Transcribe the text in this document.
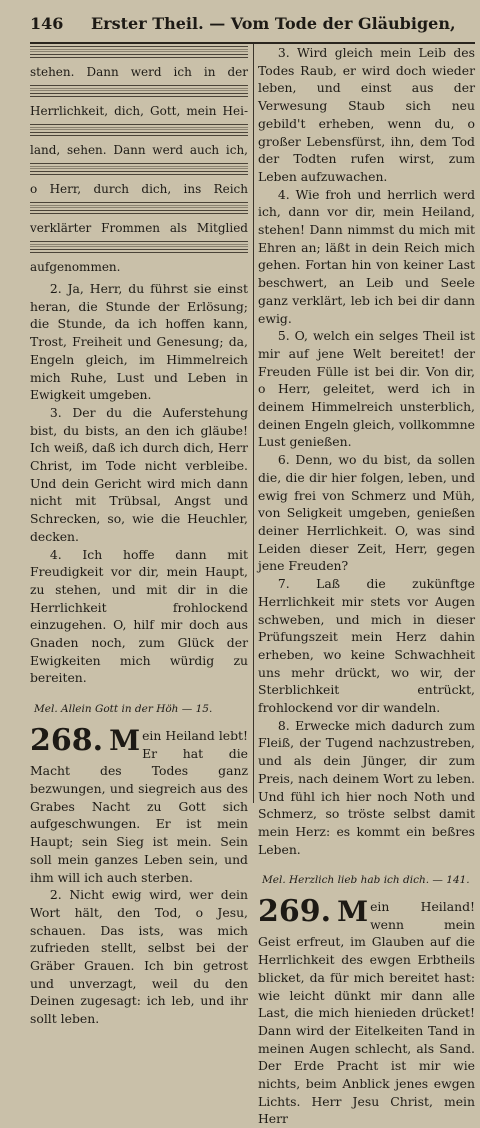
146 Erster Theil. — Vom Tode der Gläubigen,
stehen. Dann werd ich in der
Herrlichkeit, dich, Gott, mein Hei-
land, sehen. Dann werd auch ich,
o Herr, durch dich, ins Reich
verklärter Frommen als Mitglied
aufgenommen.

2. Ja, Herr, du führst sie einst heran, die Stunde der Erlösung; die Stunde, da ich hoffen kann, Trost, Freiheit und Genesung; da, Engeln gleich, im Himmelreich mich Ruhe, Lust und Leben in Ewigkeit umgeben.

3. Der du die Auferstehung bist, du bists, an den ich gläube! Ich weiß, daß ich durch dich, Herr Christ, im Tode nicht verbleibe. Und dein Gericht wird mich dann nicht mit Trübsal, Angst und Schrecken, so, wie die Heuchler, decken.

4. Ich hoffe dann mit Freudigkeit vor dir, mein Haupt, zu stehen, und mit dir in die Herrlichkeit frohlockend einzugehen. O, hilf mir doch aus Gnaden noch, zum Glück der Ewigkeiten mich würdig zu bereiten.

Mel. Allein Gott in der Höh — 15.
268. M ein Heiland lebt! Er hat die Macht des Todes ganz bezwungen, und siegreich aus des Grabes Nacht zu Gott sich aufgeschwungen. Er ist mein Haupt; sein Sieg ist mein. Sein soll mein ganzes Leben sein, und ihm will ich auch sterben.

2. Nicht ewig wird, wer dein Wort hält, den Tod, o Jesu, schauen. Das ists, was mich zufrieden stellt, selbst bei der Gräber Grauen. Ich bin getrost und unverzagt, weil du den Deinen zugesagt: ich leb, und ihr sollt leben.

3. Wird gleich mein Leib des Todes Raub, er wird doch wieder leben, und einst aus der Verwesung Staub sich neu gebild't erheben, wenn du, o großer Lebensfürst, ihn, dem Tod der Todten rufen wirst, zum Leben aufzuwachen.

4. Wie froh und herrlich werd ich, dann vor dir, mein Heiland, stehen! Dann nimmst du mich mit Ehren an; läßt in dein Reich mich gehen. Fortan hin von keiner Last beschwert, an Leib und Seele ganz verklärt, leb ich bei dir dann ewig.

5. O, welch ein selges Theil ist mir auf jene Welt bereitet! der Freuden Fülle ist bei dir. Von dir, o Herr, geleitet, werd ich in deinem Himmelreich unsterblich, deinen Engeln gleich, vollkommne Lust genießen.

6. Denn, wo du bist, da sollen die, die dir hier folgen, leben, und ewig frei von Schmerz und Müh, von Seligkeit umgeben, genießen deiner Herrlichkeit. O, was sind Leiden dieser Zeit, Herr, gegen jene Freuden?

7. Laß die zukünftge Herrlichkeit mir stets vor Augen schweben, und mich in dieser Prüfungszeit mein Herz dahin erheben, wo keine Schwachheit uns mehr drückt, wo wir, der Sterblichkeit entrückt, frohlockend vor dir wandeln.

8. Erwecke mich dadurch zum Fleiß, der Tugend nachzustreben, und als dein Jünger, dir zum Preis, nach deinem Wort zu leben. Und fühl ich hier noch Noth und Schmerz, so tröste selbst damit mein Herz: es kommt ein beßres Leben.

Mel. Herzlich lieb hab ich dich. — 141.
269. M ein Heiland! wenn mein Geist erfreut, im Glauben auf die Herrlichkeit des ewgen Erbtheils blicket, da für mich bereitet hast: wie leicht dünkt mir dann alle Last, die mich hienieden drücket! Dann wird der Eitelkeiten Tand in meinen Augen schlecht, als Sand. Der Erde Pracht ist mir wie nichts, beim Anblick jenes ewgen Lichts. Herr Jesu Christ, mein Herr
